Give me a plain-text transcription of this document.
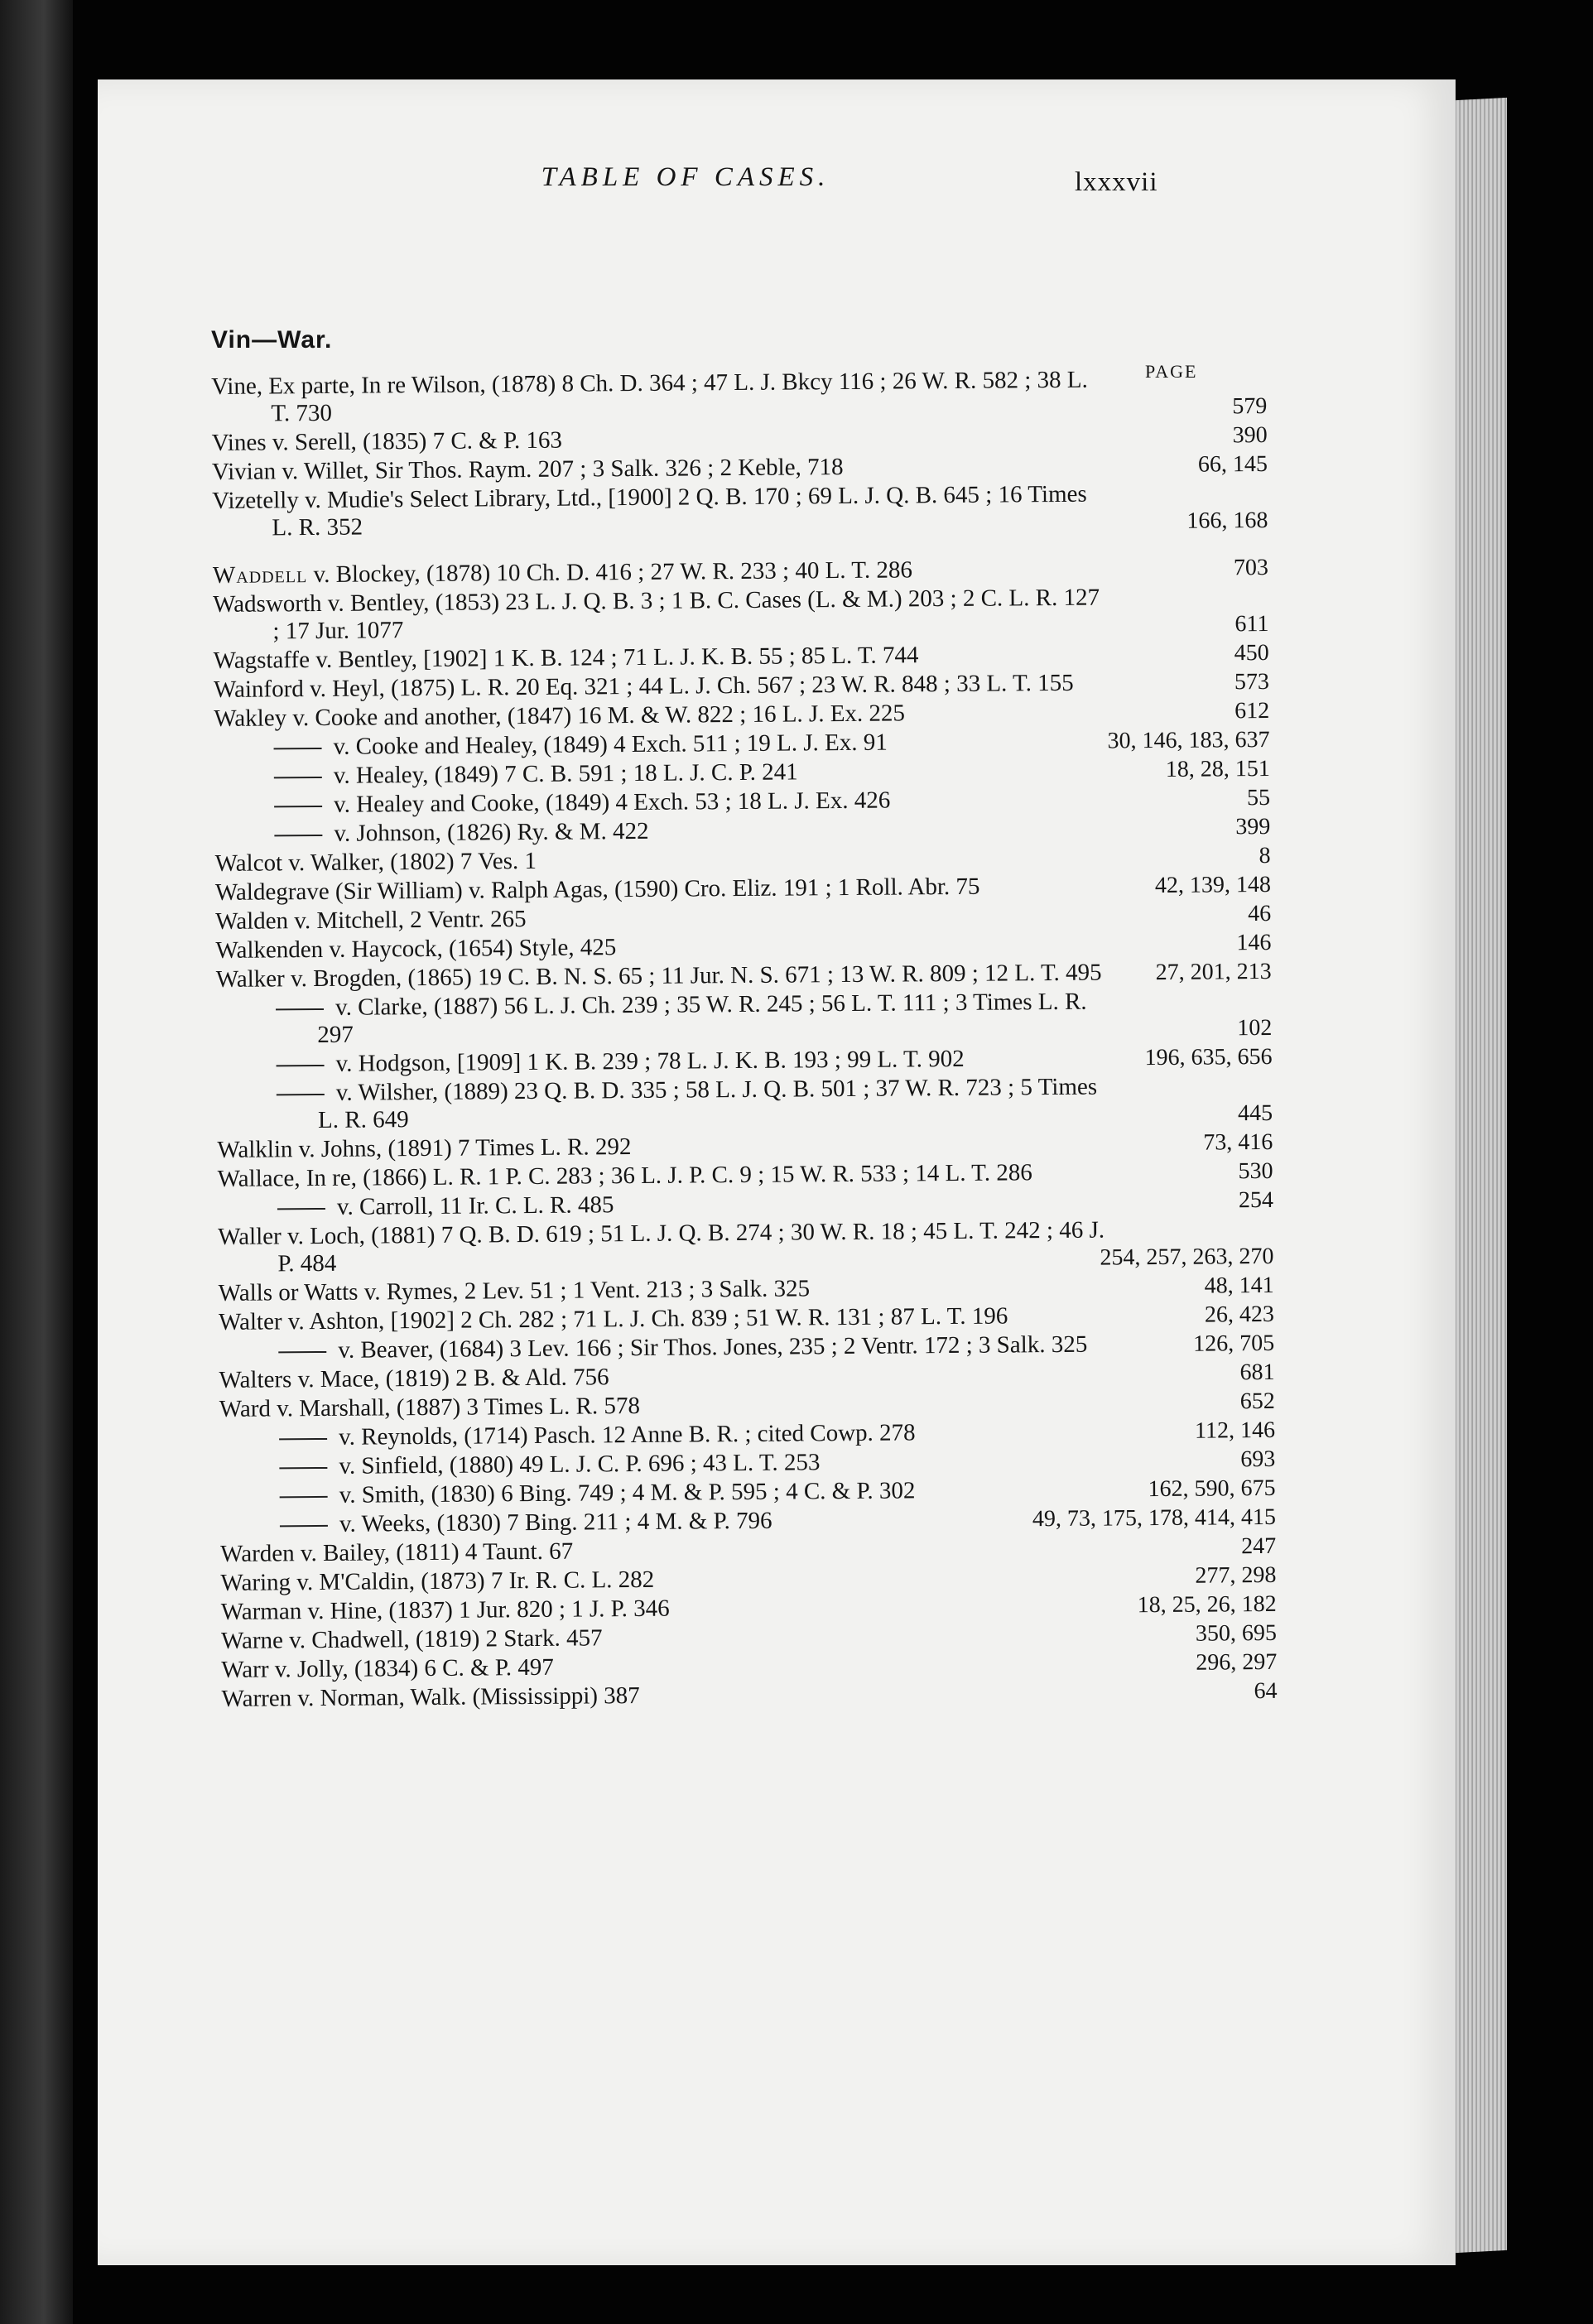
TABLE OF CASES.	lxxxvii
Vin—War.
PAGE
Vine, Ex parte, In re Wilson, (1878) 8 Ch. D. 364 ; 47 L. J. Bkcy 116 ; 26 W. R. 582 ; 38 L. T. 730	579
Vines v. Serell, (1835) 7 C. & P. 163	390
Vivian v. Willet, Sir Thos. Raym. 207 ; 3 Salk. 326 ; 2 Keble, 718	66, 145
Vizetelly v. Mudie's Select Library, Ltd., [1900] 2 Q. B. 170 ; 69 L. J. Q. B. 645 ; 16 Times L. R. 352	166, 168
Waddell v. Blockey, (1878) 10 Ch. D. 416 ; 27 W. R. 233 ; 40 L. T. 286	703
Wadsworth v. Bentley, (1853) 23 L. J. Q. B. 3 ; 1 B. C. Cases (L. & M.) 203 ; 2 C. L. R. 127 ; 17 Jur. 1077	611
Wagstaffe v. Bentley, [1902] 1 K. B. 124 ; 71 L. J. K. B. 55 ; 85 L. T. 744	450
Wainford v. Heyl, (1875) L. R. 20 Eq. 321 ; 44 L. J. Ch. 567 ; 23 W. R. 848 ; 33 L. T. 155	573
Wakley v. Cooke and another, (1847) 16 M. & W. 822 ; 16 L. J. Ex. 225	612
v. Cooke and Healey, (1849) 4 Exch. 511 ; 19 L. J. Ex. 91	30, 146, 183, 637
v. Healey, (1849) 7 C. B. 591 ; 18 L. J. C. P. 241	18, 28, 151
v. Healey and Cooke, (1849) 4 Exch. 53 ; 18 L. J. Ex. 426	55
v. Johnson, (1826) Ry. & M. 422	399
Walcot v. Walker, (1802) 7 Ves. 1	8
Waldegrave (Sir William) v. Ralph Agas, (1590) Cro. Eliz. 191 ; 1 Roll. Abr. 75	42, 139, 148
Walden v. Mitchell, 2 Ventr. 265	46
Walkenden v. Haycock, (1654) Style, 425	146
Walker v. Brogden, (1865) 19 C. B. N. S. 65 ; 11 Jur. N. S. 671 ; 13 W. R. 809 ; 12 L. T. 495	27, 201, 213
v. Clarke, (1887) 56 L. J. Ch. 239 ; 35 W. R. 245 ; 56 L. T. 111 ; 3 Times L. R. 297	102
v. Hodgson, [1909] 1 K. B. 239 ; 78 L. J. K. B. 193 ; 99 L. T. 902	196, 635, 656
v. Wilsher, (1889) 23 Q. B. D. 335 ; 58 L. J. Q. B. 501 ; 37 W. R. 723 ; 5 Times L. R. 649	445
Walklin v. Johns, (1891) 7 Times L. R. 292	73, 416
Wallace, In re, (1866) L. R. 1 P. C. 283 ; 36 L. J. P. C. 9 ; 15 W. R. 533 ; 14 L. T. 286	530
v. Carroll, 11 Ir. C. L. R. 485	254
Waller v. Loch, (1881) 7 Q. B. D. 619 ; 51 L. J. Q. B. 274 ; 30 W. R. 18 ; 45 L. T. 242 ; 46 J. P. 484	254, 257, 263, 270
Walls or Watts v. Rymes, 2 Lev. 51 ; 1 Vent. 213 ; 3 Salk. 325	48, 141
Walter v. Ashton, [1902] 2 Ch. 282 ; 71 L. J. Ch. 839 ; 51 W. R. 131 ; 87 L. T. 196	26, 423
v. Beaver, (1684) 3 Lev. 166 ; Sir Thos. Jones, 235 ; 2 Ventr. 172 ; 3 Salk. 325	126, 705
Walters v. Mace, (1819) 2 B. & Ald. 756	681
Ward v. Marshall, (1887) 3 Times L. R. 578	652
v. Reynolds, (1714) Pasch. 12 Anne B. R. ; cited Cowp. 278	112, 146
v. Sinfield, (1880) 49 L. J. C. P. 696 ; 43 L. T. 253	693
v. Smith, (1830) 6 Bing. 749 ; 4 M. & P. 595 ; 4 C. & P. 302	162, 590, 675
v. Weeks, (1830) 7 Bing. 211 ; 4 M. & P. 796	49, 73, 175, 178, 414, 415
Warden v. Bailey, (1811) 4 Taunt. 67	247
Waring v. M'Caldin, (1873) 7 Ir. R. C. L. 282	277, 298
Warman v. Hine, (1837) 1 Jur. 820 ; 1 J. P. 346	18, 25, 26, 182
Warne v. Chadwell, (1819) 2 Stark. 457	350, 695
Warr v. Jolly, (1834) 6 C. & P. 497	296, 297
Warren v. Norman, Walk. (Mississippi) 387	64
